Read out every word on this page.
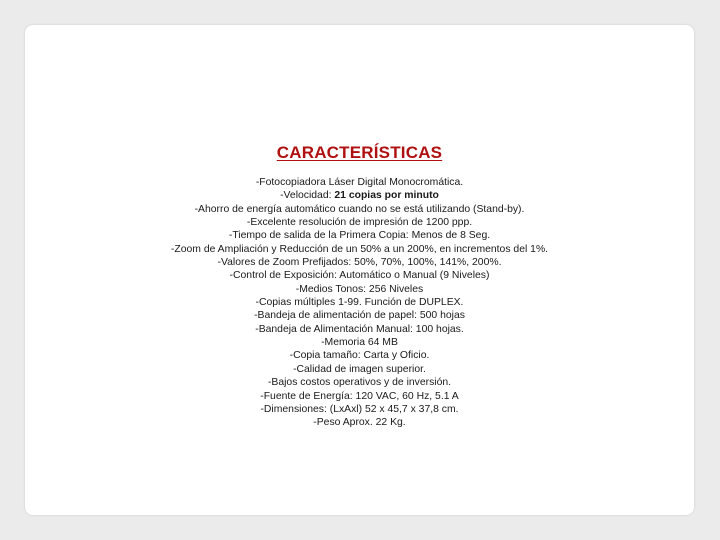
CARACTERÍSTICAS
-Fotocopiadora Láser Digital Monocromática.
-Velocidad: 21 copias por minuto
-Ahorro de energía automático cuando no se está utilizando (Stand-by).
-Excelente resolución de impresión de 1200 ppp.
-Tiempo de salida de la Primera Copia: Menos de 8 Seg.
-Zoom de Ampliación y Reducción de un 50% a un 200%, en incrementos del 1%.
-Valores de Zoom Prefijados: 50%, 70%, 100%, 141%, 200%.
-Control de Exposición: Automático o Manual (9 Niveles)
-Medios Tonos: 256 Niveles
-Copias múltiples 1-99. Función de DUPLEX.
-Bandeja de alimentación de papel: 500 hojas
-Bandeja de Alimentación Manual: 100 hojas.
-Memoria 64 MB
-Copia tamaño: Carta y Oficio.
-Calidad de imagen superior.
-Bajos costos operativos y de inversión.
-Fuente de Energía: 120 VAC, 60 Hz, 5.1 A
-Dimensiones: (LxAxl) 52 x 45,7 x 37,8 cm.
-Peso Aprox. 22 Kg.
